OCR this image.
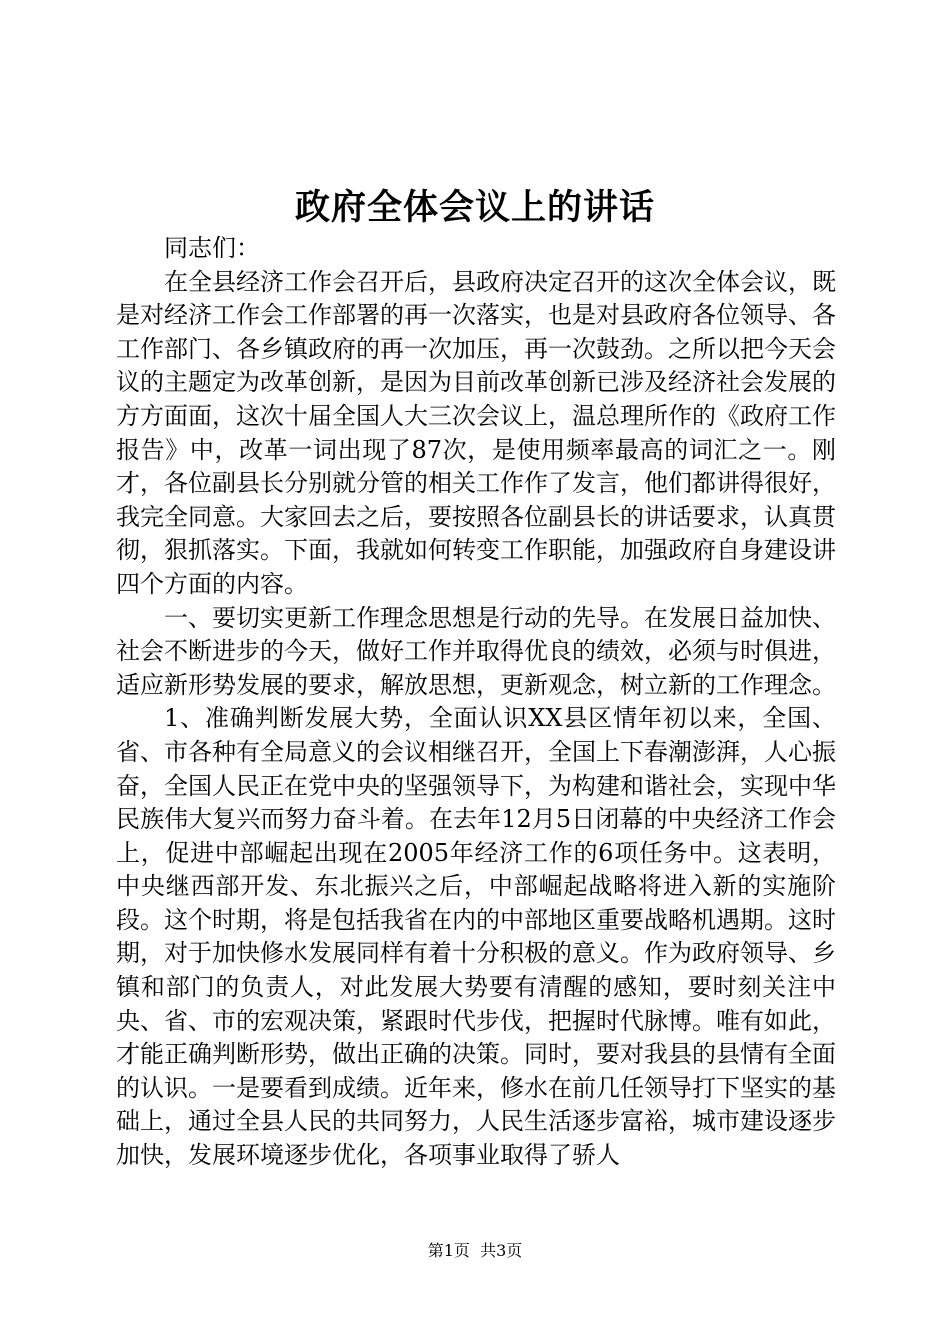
政府全体会议上的讲话

同志们：

在全县经济工作会召开后，县政府决定召开的这次全体会议，既是对经济工作会工作部署的再一次落实，也是对县政府各位领导、各工作部门、各乡镇政府的再一次加压，再一次鼓劲。之所以把今天会议的主题定为改革创新，是因为目前改革创新已涉及经济社会发展的方方面面，这次十届全国人大三次会议上，温总理所作的《政府工作报告》中，改革一词出现了87次，是使用频率最高的词汇之一。刚才，各位副县长分别就分管的相关工作作了发言，他们都讲得很好，我完全同意。大家回去之后，要按照各位副县长的讲话要求，认真贯彻，狠抓落实。下面，我就如何转变工作职能，加强政府自身建设讲四个方面的内容。

一、要切实更新工作理念思想是行动的先导。在发展日益加快、社会不断进步的今天，做好工作并取得优良的绩效，必须与时俱进，适应新形势发展的要求，解放思想，更新观念，树立新的工作理念。

1、准确判断发展大势，全面认识XX县区情年初以来，全国、省、市各种有全局意义的会议相继召开，全国上下春潮澎湃，人心振奋，全国人民正在党中央的坚强领导下，为构建和谐社会，实现中华民族伟大复兴而努力奋斗着。在去年12月5日闭幕的中央经济工作会上，促进中部崛起出现在2005年经济工作的6项任务中。这表明，中央继西部开发、东北振兴之后，中部崛起战略将进入新的实施阶段。这个时期，将是包括我省在内的中部地区重要战略机遇期。这时期，对于加快修水发展同样有着十分积极的意义。作为政府领导、乡镇和部门的负责人，对此发展大势要有清醒的感知，要时刻关注中央、省、市的宏观决策，紧跟时代步伐，把握时代脉博。唯有如此，才能正确判断形势，做出正确的决策。同时，要对我县的县情有全面的认识。一是要看到成绩。近年来，修水在前几任领导打下坚实的基础上，通过全县人民的共同努力，人民生活逐步富裕，城市建设逐步加快，发展环境逐步优化，各项事业取得了骄人

第1页 共3页
